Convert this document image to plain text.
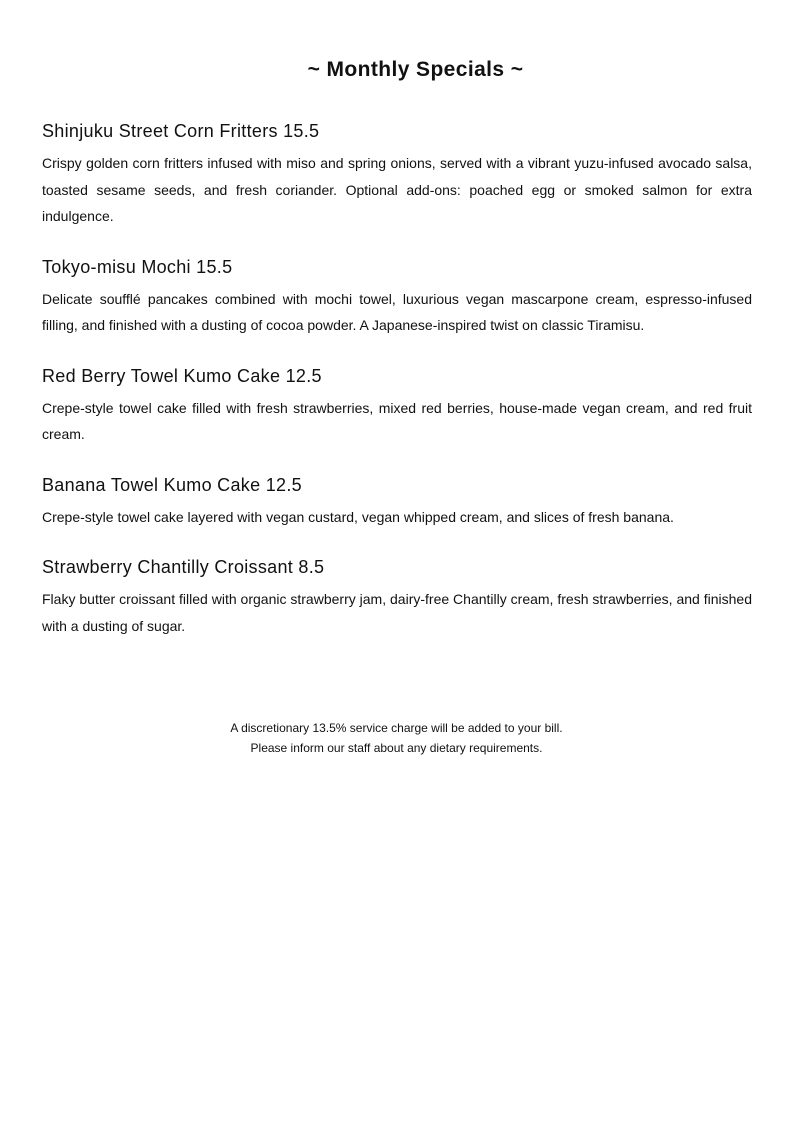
~ Monthly Specials ~
Shinjuku Street Corn Fritters 15.5

Crispy golden corn fritters infused with miso and spring onions, served with a vibrant yuzu-infused avocado salsa, toasted sesame seeds, and fresh coriander. Optional add-ons: poached egg or smoked salmon for extra indulgence.

Tokyo-misu Mochi 15.5

Delicate soufflé pancakes combined with mochi towel, luxurious vegan mascarpone cream, espresso-infused filling, and finished with a dusting of cocoa powder. A Japanese-inspired twist on classic Tiramisu.

Red Berry Towel Kumo Cake 12.5

Crepe-style towel cake filled with fresh strawberries, mixed red berries, house-made vegan cream, and red fruit cream.

Banana Towel Kumo Cake 12.5

Crepe-style towel cake layered with vegan custard, vegan whipped cream, and slices of fresh banana.

Strawberry Chantilly Croissant 8.5

Flaky butter croissant filled with organic strawberry jam, dairy-free Chantilly cream, fresh strawberries, and finished with a dusting of sugar.

A discretionary 13.5% service charge will be added to your bill.

Please inform our staff about any dietary requirements.
